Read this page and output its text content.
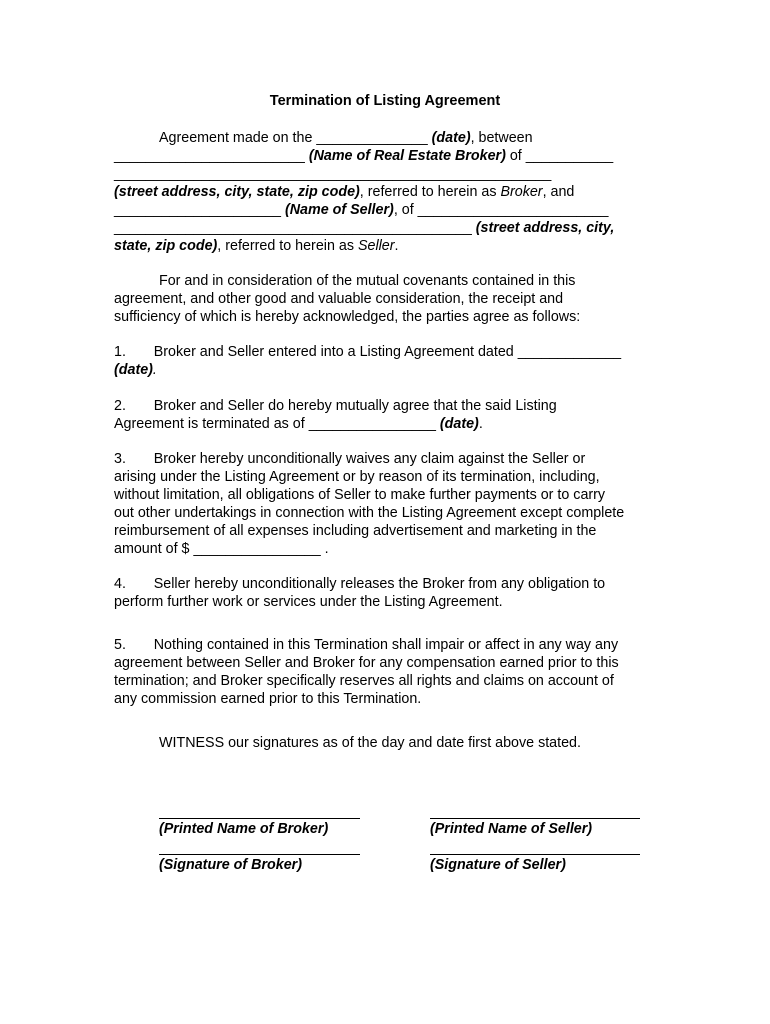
Termination of Listing Agreement
Agreement made on the ______________ (date), between
________________________ (Name of Real Estate Broker) of ___________
_______________________________________________________
(street address, city, state, zip code), referred to herein as Broker, and
_____________________ (Name of Seller), of ________________________
_____________________________________________ (street address, city,
state, zip code), referred to herein as Seller.
For and in consideration of the mutual covenants contained in this
agreement, and other good and valuable consideration, the receipt and
sufficiency of which is hereby acknowledged, the parties agree as follows:
1.       Broker and Seller entered into a Listing Agreement dated _____________
(date).
2.       Broker and Seller do hereby mutually agree that the said Listing
Agreement is terminated as of ________________ (date).
3.       Broker hereby unconditionally waives any claim against the Seller or
arising under the Listing Agreement or by reason of its termination, including,
without limitation, all obligations of Seller to make further payments or to carry
out other undertakings in connection with the Listing Agreement except complete
reimbursement of all expenses including advertisement and marketing in the
amount of $ ________________ .
4.       Seller hereby unconditionally releases the Broker from any obligation to
perform further work or services under the Listing Agreement.
5.       Nothing contained in this Termination shall impair or affect in any way any
agreement between Seller and Broker for any compensation earned prior to this
termination; and Broker specifically reserves all rights and claims on account of
any commission earned prior to this Termination.
WITNESS our signatures as of the day and date first above stated.
(Printed Name of Broker)	(Printed Name of Seller)
(Signature of Broker)	(Signature of Seller)
